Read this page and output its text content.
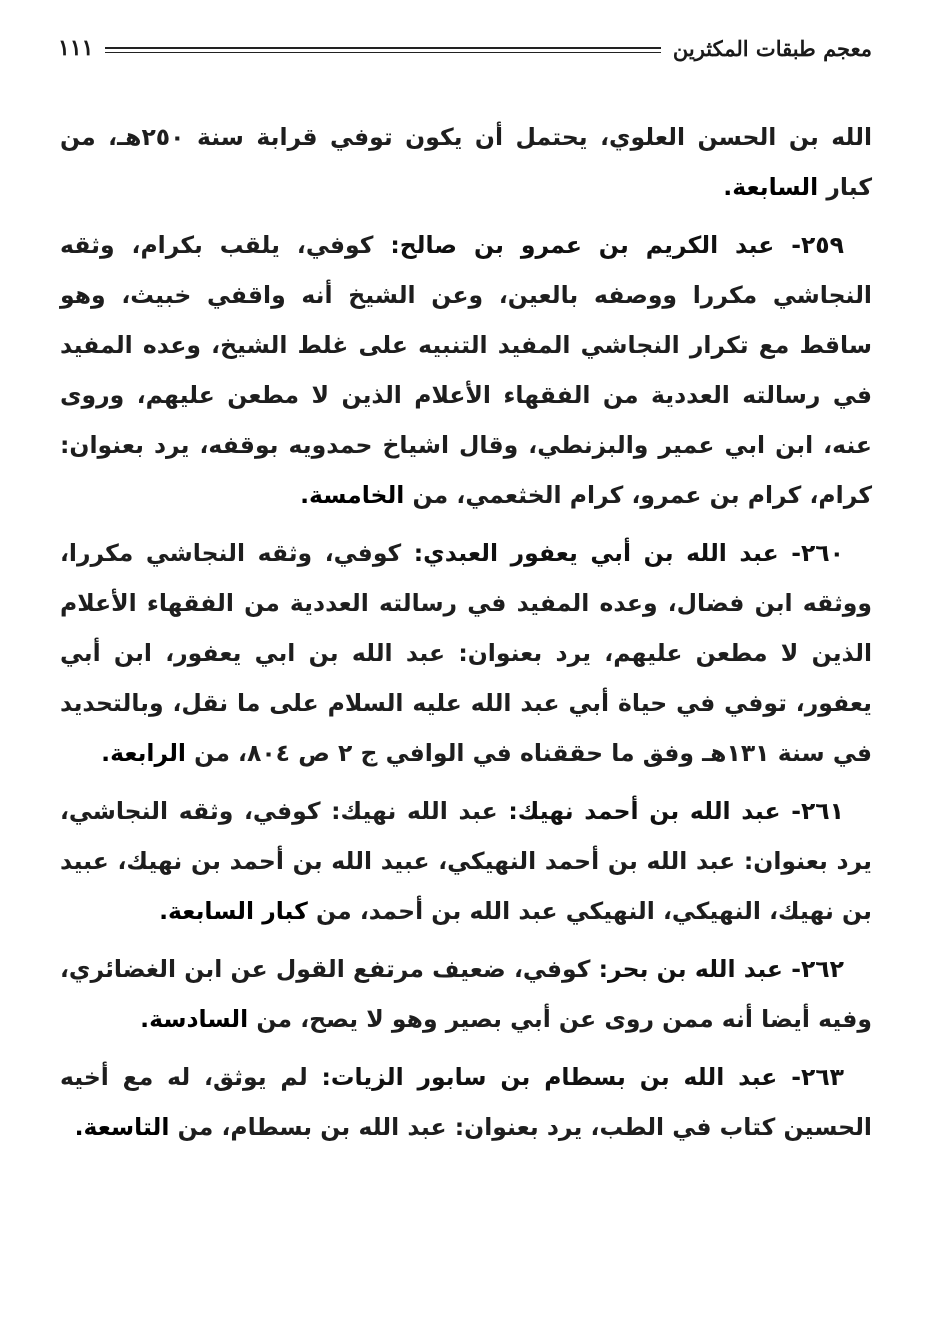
١١١	معجم طبقات المكثرين

الله بن الحسن العلوي، يحتمل أن يكون توفي قرابة سنة ٢٥٠هـ، من كبار السابعة.

٢٥٩- عبد الكريم بن عمرو بن صالح: كوفي، يلقب بكرام، وثقه النجاشي مكررا ووصفه بالعين، وعن الشيخ أنه واقفي خبيث، وهو ساقط مع تكرار النجاشي المفيد التنبيه على غلط الشيخ، وعده المفيد في رسالته العددية من الفقهاء الأعلام الذين لا مطعن عليهم، وروى عنه، ابن ابي عمير والبزنطي، وقال اشياخ حمدويه بوقفه، يرد بعنوان: كرام، كرام بن عمرو، كرام الخثعمي، من الخامسة.

٢٦٠- عبد الله بن أبي يعفور العبدي: كوفي، وثقه النجاشي مكررا، ووثقه ابن فضال، وعده المفيد في رسالته العددية من الفقهاء الأعلام الذين لا مطعن عليهم، يرد بعنوان: عبد الله بن ابي يعفور، ابن أبي يعفور، توفي في حياة أبي عبد الله عليه السلام على ما نقل، وبالتحديد في سنة ١٣١هـ وفق ما حققناه في الوافي ج ٢ ص ٨٠٤، من الرابعة.

٢٦١- عبد الله بن أحمد نهيك: عبد الله نهيك: كوفي، وثقه النجاشي، يرد بعنوان: عبد الله بن أحمد النهيكي، عبيد الله بن أحمد بن نهيك، عبيد بن نهيك، النهيكي، النهيكي عبد الله بن أحمد، من كبار السابعة.

٢٦٢- عبد الله بن بحر: كوفي، ضعيف مرتفع القول عن ابن الغضائري، وفيه أيضا أنه ممن روى عن أبي بصير وهو لا يصح، من السادسة.

٢٦٣- عبد الله بن بسطام بن سابور الزيات: لم يوثق، له مع أخيه الحسين كتاب في الطب، يرد بعنوان: عبد الله بن بسطام، من التاسعة.
